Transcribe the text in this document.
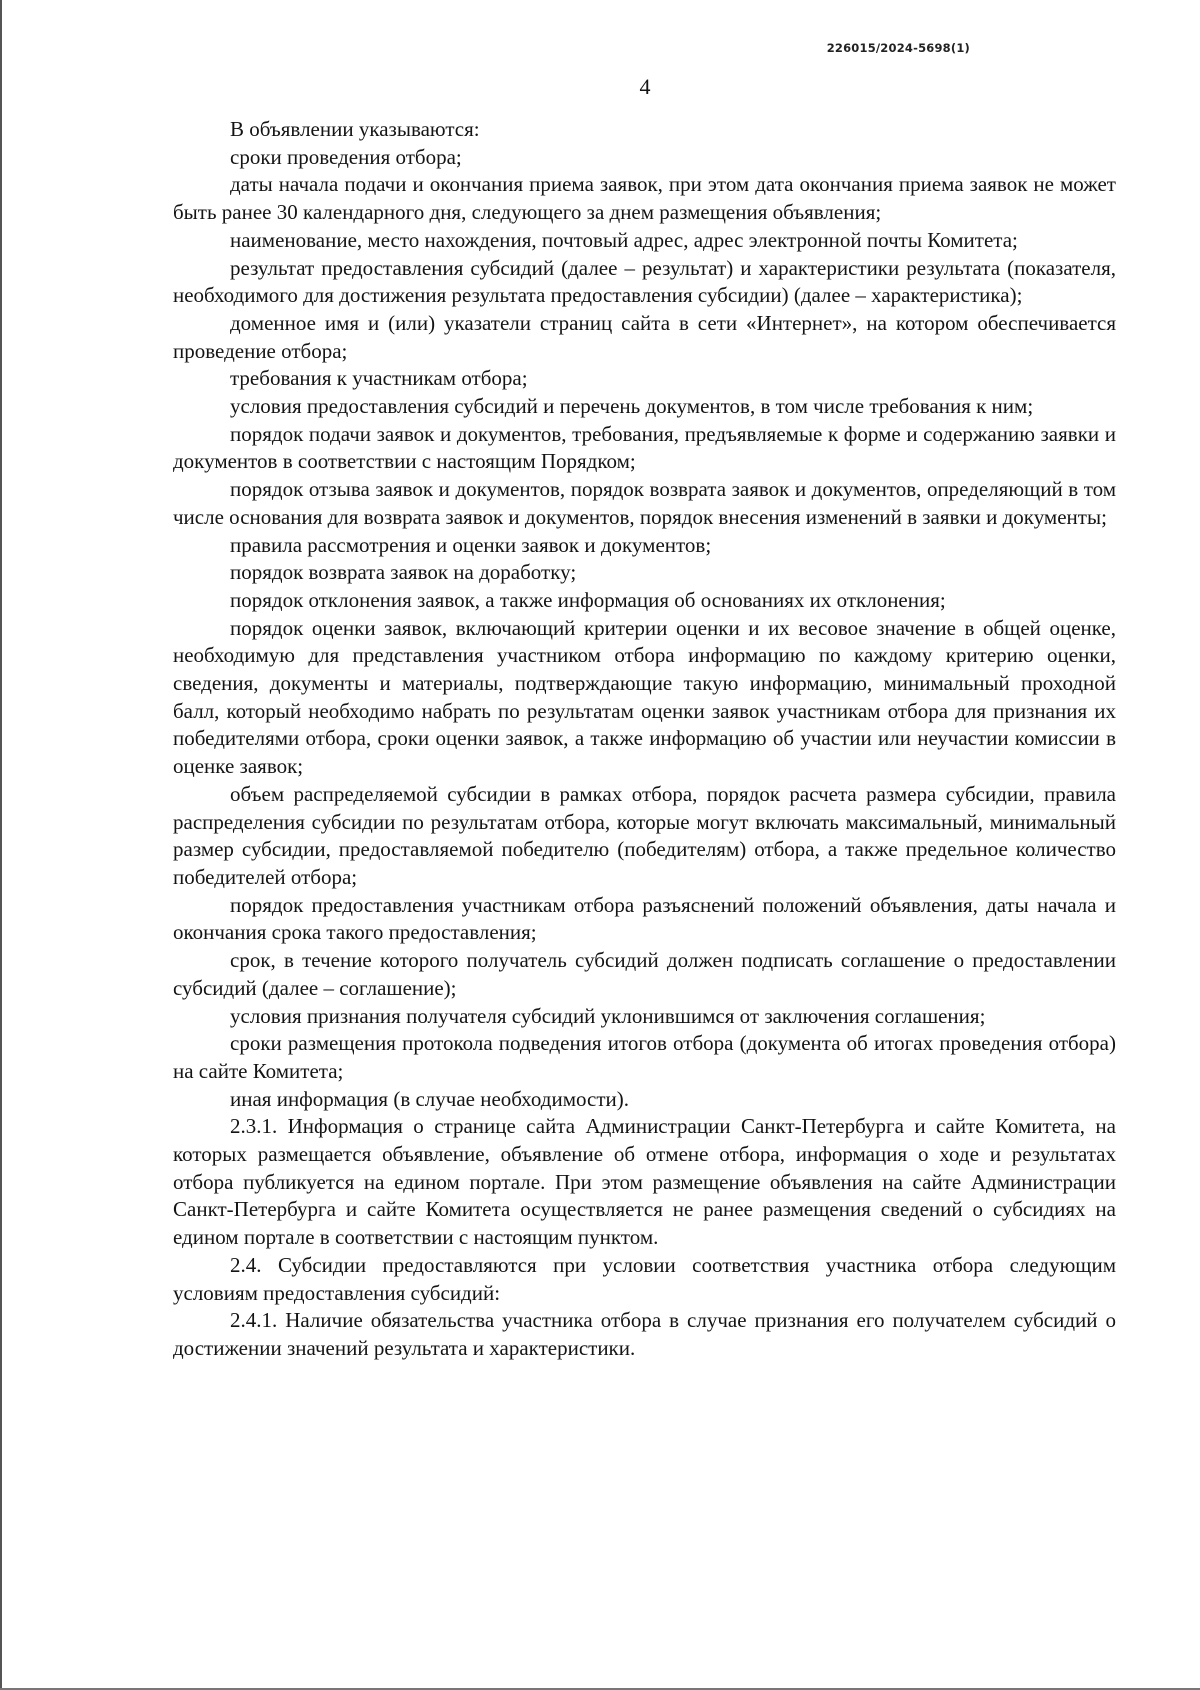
226015/2024-5698(1)
4

В объявлении указываются:

сроки проведения отбора;

даты начала подачи и окончания приема заявок, при этом дата окончания приема заявок не может быть ранее 30 календарного дня, следующего за днем размещения объявления;

наименование, место нахождения, почтовый адрес, адрес электронной почты Комитета;

результат предоставления субсидий (далее – результат) и характеристики результата (показателя, необходимого для достижения результата предоставления субсидии) (далее – характеристика);

доменное имя и (или) указатели страниц сайта в сети «Интернет», на котором обеспечивается проведение отбора;

требования к участникам отбора;

условия предоставления субсидий и перечень документов, в том числе требования к ним;

порядок подачи заявок и документов, требования, предъявляемые к форме и содержанию заявки и документов в соответствии с настоящим Порядком;

порядок отзыва заявок и документов, порядок возврата заявок и документов, определяющий в том числе основания для возврата заявок и документов, порядок внесения изменений в заявки и документы;

правила рассмотрения и оценки заявок и документов;

порядок возврата заявок на доработку;

порядок отклонения заявок, а также информация об основаниях их отклонения;

порядок оценки заявок, включающий критерии оценки и их весовое значение в общей оценке, необходимую для представления участником отбора информацию по каждому критерию оценки, сведения, документы и материалы, подтверждающие такую информацию, минимальный проходной балл, который необходимо набрать по результатам оценки заявок участникам отбора для признания их победителями отбора, сроки оценки заявок, а также информацию об участии или неучастии комиссии в оценке заявок;

объем распределяемой субсидии в рамках отбора, порядок расчета размера субсидии, правила распределения субсидии по результатам отбора, которые могут включать максимальный, минимальный размер субсидии, предоставляемой победителю (победителям) отбора, а также предельное количество победителей отбора;

порядок предоставления участникам отбора разъяснений положений объявления, даты начала и окончания срока такого предоставления;

срок, в течение которого получатель субсидий должен подписать соглашение о предоставлении субсидий (далее – соглашение);

условия признания получателя субсидий уклонившимся от заключения соглашения;

сроки размещения протокола подведения итогов отбора (документа об итогах проведения отбора) на сайте Комитета;

иная информация (в случае необходимости).

2.3.1. Информация о странице сайта Администрации Санкт-Петербурга и сайте Комитета, на которых размещается объявление, объявление об отмене отбора, информация о ходе и результатах отбора публикуется на едином портале. При этом размещение объявления на сайте Администрации Санкт-Петербурга и сайте Комитета осуществляется не ранее размещения сведений о субсидиях на едином портале в соответствии с настоящим пунктом.

2.4. Субсидии предоставляются при условии соответствия участника отбора следующим условиям предоставления субсидий:

2.4.1. Наличие обязательства участника отбора в случае признания его получателем субсидий о достижении значений результата и характеристики.
